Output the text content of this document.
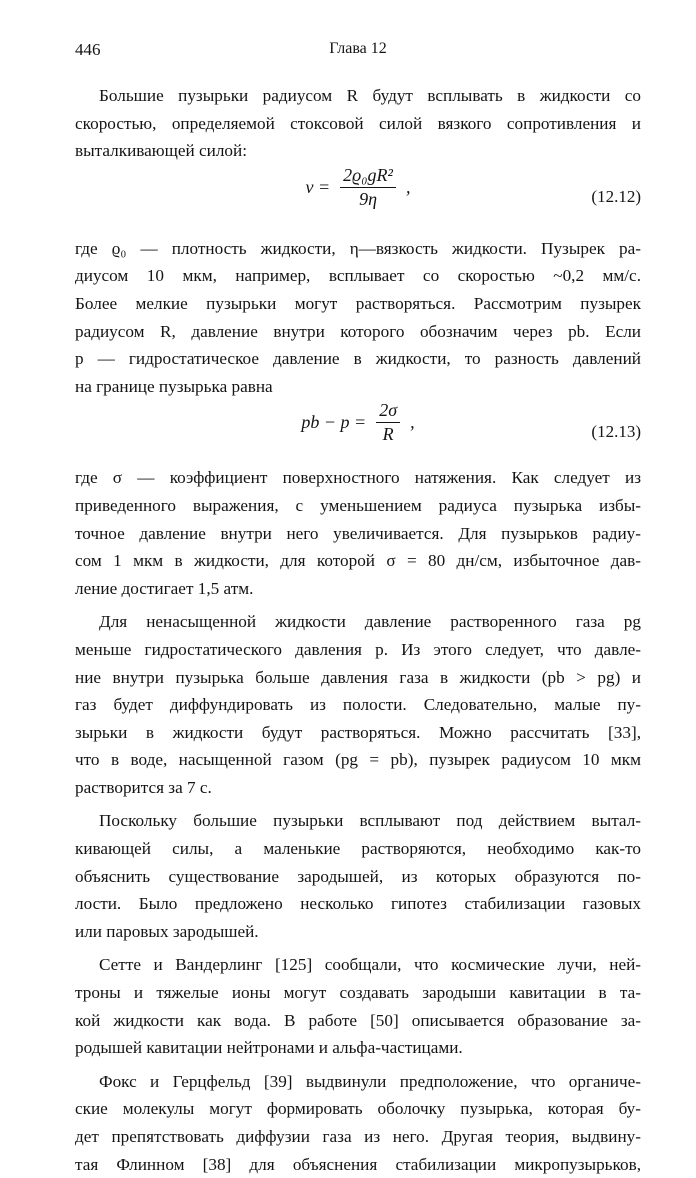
446	Глава 12
Большие пузырьки радиусом R будут всплывать в жидкости со
скоростью, определяемой стоксовой силой вязкого сопротивления и
выталкивающей силой:
$v = \frac{\text{2ϱ₀gR²}}{9\eta}$ ,	(12.12)
где ϱ₀ — плотность жидкости, η—вязкость жидкости. Пузырек ра-
диусом 10 мкм, например, всплывает со скоростью ~0,2 мм/с.
Более мелкие пузырьки могут растворяться. Рассмотрим пузырек
радиусом R, давление внутри которого обозначим через pb. Если
p — гидростатическое давление в жидкости, то разность давлений
на границе пузырька равна
pb − $p = \frac{2\sigma}{R}$ ,	(12.13)
где σ — коэффициент поверхностного натяжения. Как следует из
приведенного выражения, с уменьшением радиуса пузырька избы-
точное давление внутри него увеличивается. Для пузырьков радиу-
сом 1 мкм в жидкости, для которой σ = 80 дн/см, избыточное дав-
ление достигает 1,5 атм.
Для ненасыщенной жидкости давление растворенного газа pg
меньше гидростатического давления p. Из этого следует, что давле-
ние внутри пузырька больше давления газа в жидкости (pb > pg) и
газ будет диффундировать из полости. Следовательно, малые пу-
зырьки в жидкости будут растворяться. Можно рассчитать [33],
что в воде, насыщенной газом (pg = pb), пузырек радиусом 10 мкм
растворится за 7 с.
Поскольку большие пузырьки всплывают под действием вытал-
кивающей силы, а маленькие растворяются, необходимо как-то
объяснить существование зародышей, из которых образуются по-
лости. Было предложено несколько гипотез стабилизации газовых
или паровых зародышей.
Сетте и Вандерлинг [125] сообщали, что космические лучи, ней-
троны и тяжелые ионы могут создавать зародыши кавитации в та-
кой жидкости как вода. В работе [50] описывается образование за-
родышей кавитации нейтронами и альфа-частицами.
Фокс и Герцфельд [39] выдвинули предположение, что органиче-
ские молекулы могут формировать оболочку пузырька, которая бу-
дет препятствовать диффузии газа из него. Другая теория, выдвину-
тая Флинном [38] для объяснения стабилизации микропузырьков,
